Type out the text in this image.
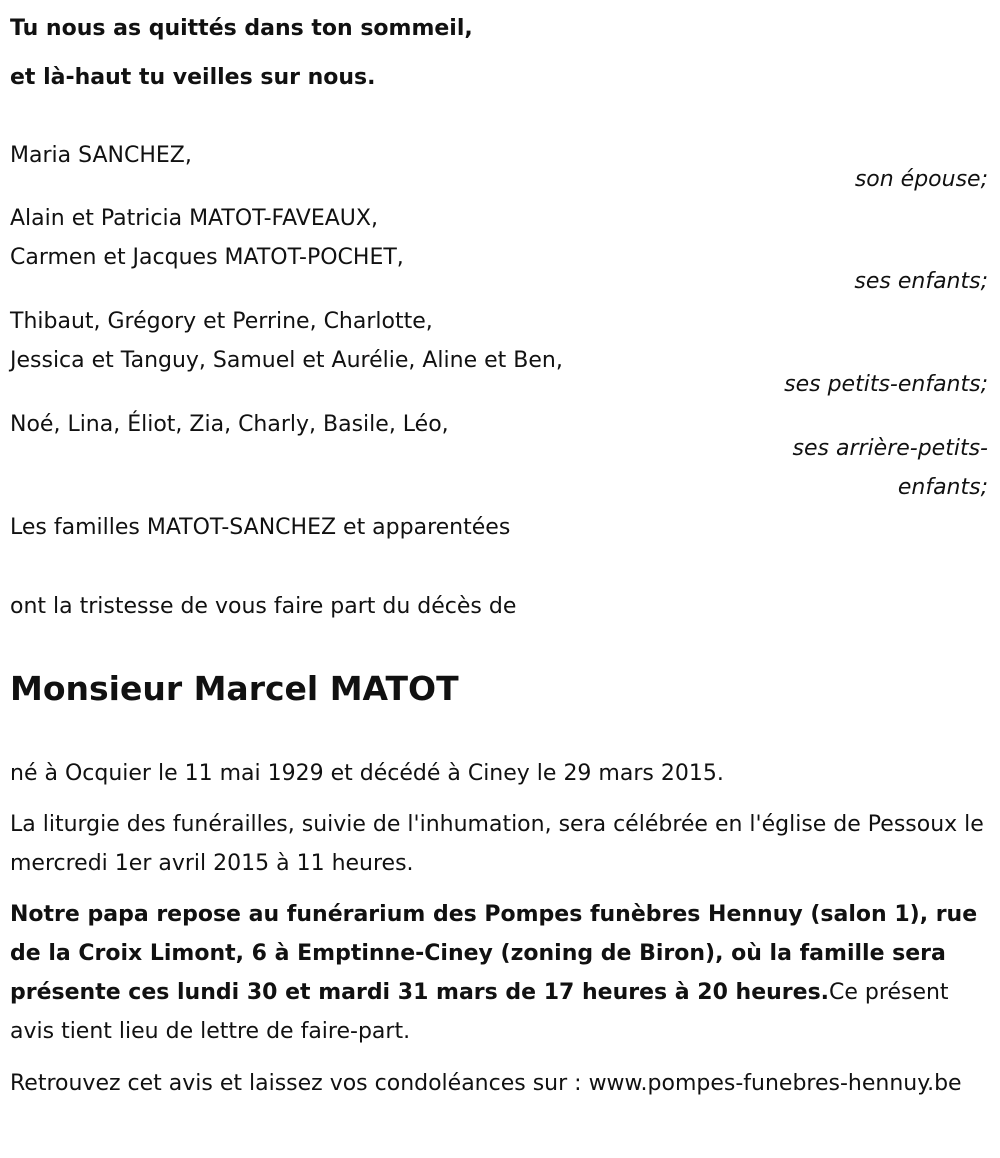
Tu nous as quittés dans ton sommeil,
et là-haut tu veilles sur nous.
Maria SANCHEZ,
son épouse;
Alain et Patricia MATOT-FAVEAUX,
Carmen et Jacques MATOT-POCHET,
ses enfants;
Thibaut, Grégory et Perrine, Charlotte,
Jessica et Tanguy, Samuel et Aurélie, Aline et Ben,
ses petits-enfants;
Noé, Lina, Éliot, Zia, Charly, Basile, Léo,
ses arrière-petits-
enfants;
Les familles MATOT-SANCHEZ et apparentées
ont la tristesse de vous faire part du décès de
Monsieur Marcel MATOT
né à Ocquier le 11 mai 1929 et décédé à Ciney le 29 mars 2015.
La liturgie des funérailles, suivie de l'inhumation, sera célébrée en l'église de Pessoux le mercredi 1er avril 2015 à 11 heures.
Notre papa repose au funérarium des Pompes funèbres Hennuy (salon 1), rue de la Croix Limont, 6 à Emptinne-Ciney (zoning de Biron), où la famille sera présente ces lundi 30 et mardi 31 mars de 17 heures à 20 heures.Ce présent avis tient lieu de lettre de faire-part.
Retrouvez cet avis et laissez vos condoléances sur : www.pompes-funebres-hennuy.be
